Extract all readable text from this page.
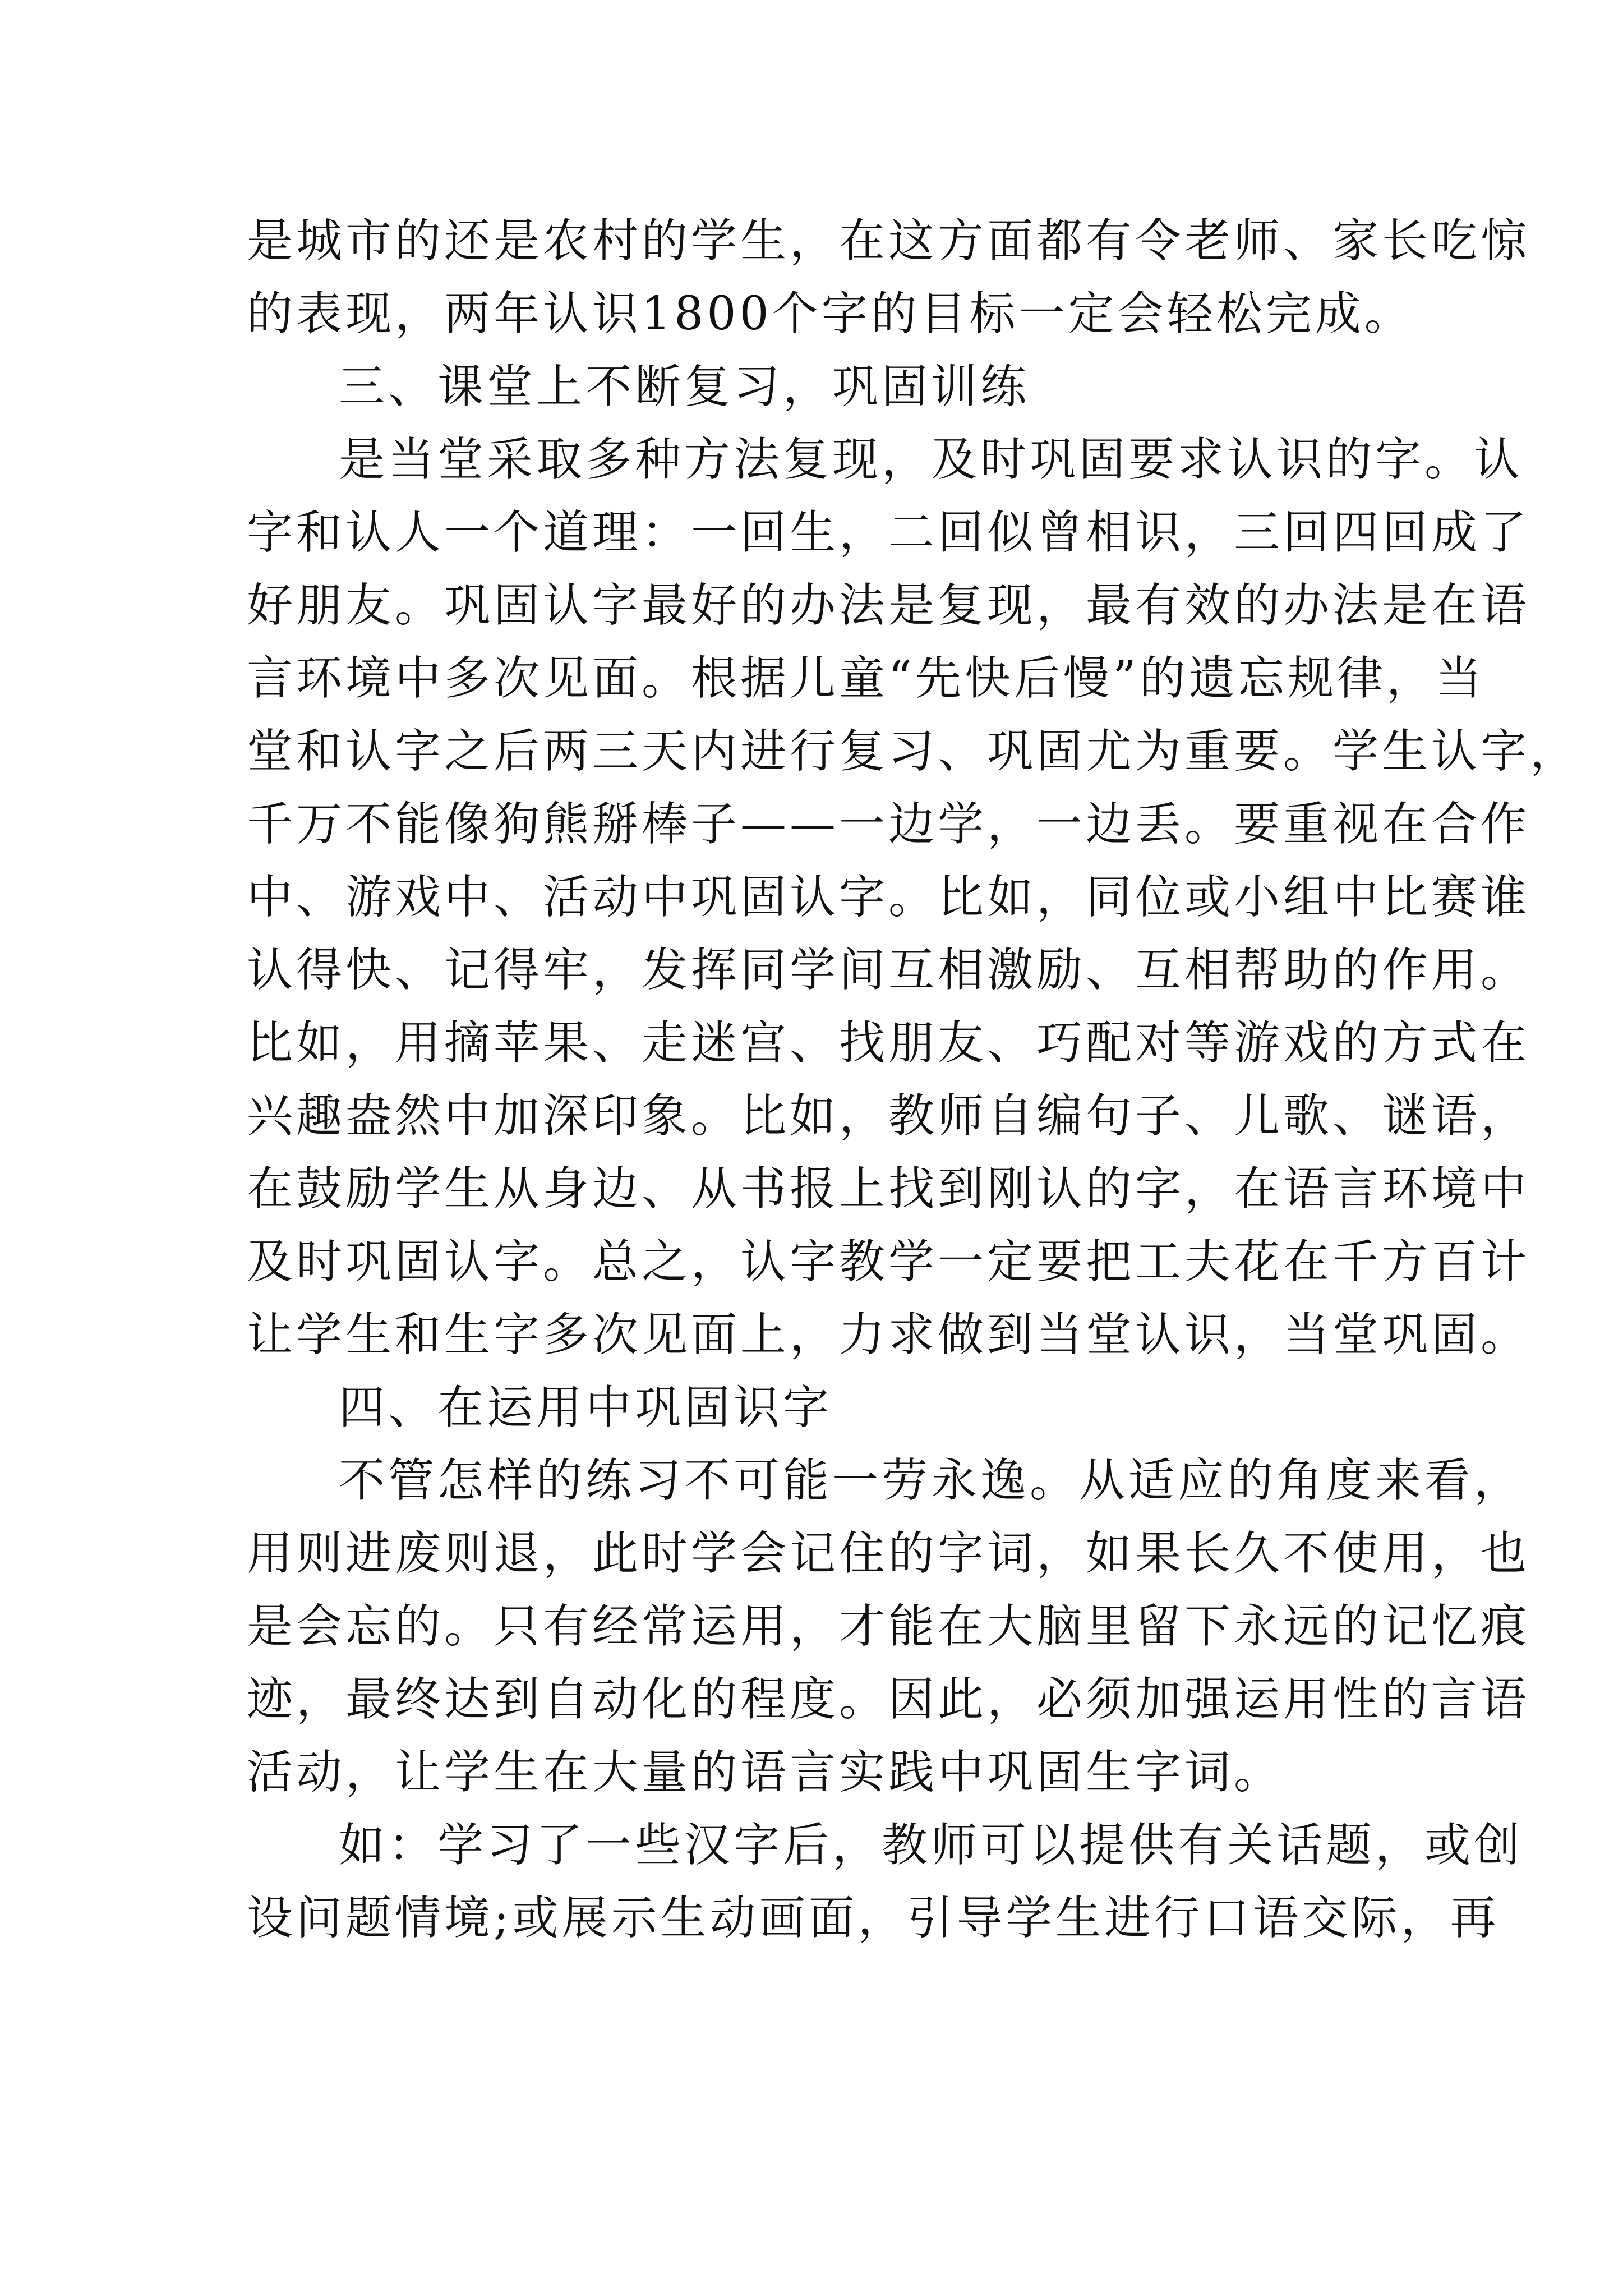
是城市的还是农村的学生，在这方面都有令老师、家长吃惊
的表现，两年认识1800个字的目标一定会轻松完成。
三、课堂上不断复习，巩固训练
是当堂采取多种方法复现，及时巩固要求认识的字。认
字和认人一个道理：一回生，二回似曾相识，三回四回成了
好朋友。巩固认字最好的办法是复现，最有效的办法是在语
言环境中多次见面。根据儿童“先快后慢”的遗忘规律，当
堂和认字之后两三天内进行复习、巩固尤为重要。学生认字，
千万不能像狗熊掰棒子——一边学，一边丢。要重视在合作
中、游戏中、活动中巩固认字。比如，同位或小组中比赛谁
认得快、记得牢，发挥同学间互相激励、互相帮助的作用。
比如，用摘苹果、走迷宫、找朋友、巧配对等游戏的方式在
兴趣盎然中加深印象。比如，教师自编句子、儿歌、谜语，
在鼓励学生从身边、从书报上找到刚认的字，在语言环境中
及时巩固认字。总之，认字教学一定要把工夫花在千方百计
让学生和生字多次见面上，力求做到当堂认识，当堂巩固。
四、在运用中巩固识字
不管怎样的练习不可能一劳永逸。从适应的角度来看，
用则进废则退，此时学会记住的字词，如果长久不使用，也
是会忘的。只有经常运用，才能在大脑里留下永远的记忆痕
迹，最终达到自动化的程度。因此，必须加强运用性的言语
活动，让学生在大量的语言实践中巩固生字词。
如：学习了一些汉字后，教师可以提供有关话题，或创
设问题情境;或展示生动画面，引导学生进行口语交际，再
